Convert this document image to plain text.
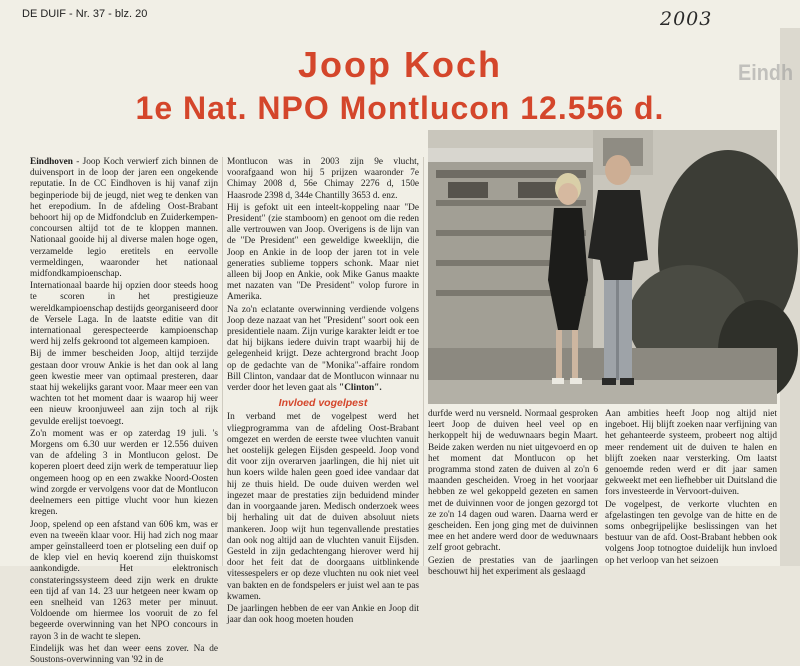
DE DUIF - Nr. 37 - blz. 20	2003
Eindh
Joop Koch
1e Nat. NPO Montlucon 12.556 d.

Eindhoven - Joop Koch verwierf zich binnen de duivensport in de loop der jaren een ongekende reputatie. In de CC Eindhoven is hij vanaf zijn beginperiode bij de jeugd, niet weg te denken van het erepodium. In de afdeling Oost-Brabant behoort hij op de Midfondclub en Zuiderkempen-concoursen altijd tot de te kloppen mannen. Nationaal gooide hij al diverse malen hoge ogen, verzamelde legio eretitels en eervolle vermeldingen, waaronder het nationaal midfondkampioenschap.

Internationaal baarde hij opzien door steeds hoog te scoren in het prestigieuze wereldkampioenschap destijds georganiseerd door de Versele Laga. In de laatste editie van dit internationaal gerespecteerde kampioenschap werd hij zelfs gekroond tot algemeen kampioen.

Bij de immer bescheiden Joop, altijd terzijde gestaan door vrouw Ankie is het dan ook al lang geen kwestie meer van optimaal presteren, daar staat hij wekelijks garant voor. Maar meer een van wachten tot het moment daar is waarop hij weer een nieuw kroonjuweel aan zijn toch al rijk gevulde erelijst toevoegt.

Zo'n moment was er op zaterdag 19 juli. 's Morgens om 6.30 uur werden er 12.556 duiven van de afdeling 3 in Montlucon gelost. De koperen ploert deed zijn werk de temperatuur liep ongemeen hoog op en een zwakke Noord-Oosten wind zorgde er vervolgens voor dat de Montlucon deelnemers een pittige vlucht voor hun kiezen kregen.

Joop, spelend op een afstand van 606 km, was er even na tweeën klaar voor. Hij had zich nog maar amper geïnstalleerd toen er plotseling een duif op de klep viel en heviq koerend zijn thuiskomst aankondigde. Het elektronisch constateringssysteem deed zijn werk en drukte een tijd af van 14. 23 uur hetgeen neer kwam op een snelheid van 1263 meter per minuut. Voldoende om hiermee los vooruit de zo fel begeerde overwinning van het NPO concours in rayon 3 in de wacht te slepen.

Eindelijk was het dan weer eens zover. Na de Soustons-overwinning van '92 in de

Montlucon was in 2003 zijn 9e vlucht, voorafgaand won hij 5 prijzen waaronder 7e Chimay 2008 d, 56e Chimay 2276 d, 150e Haasrode 2398 d, 344e Chantilly 3653 d. enz.

Hij is gefokt uit een inteelt-koppeling naar "De President" (zie stamboom) en genoot om die reden alle vertrouwen van Joop. Overigens is de lijn van de "De President" een geweldige kweeklijn, die Joop en Ankie in de loop der jaren tot in vele generaties sublieme toppers schonk. Maar niet alleen bij Joop en Ankie, ook Mike Ganus maakte met nazaten van "De President" volop furore in Amerika.

Na zo'n eclatante overwinning verdiende volgens Joop deze nazaat van het "President" soort ook een presidentiele naam. Zijn vurige karakter leidt er toe dat hij bijkans iedere duivin trapt waarbij hij de gelegenheid krijgt. Deze achtergrond bracht Joop op de gedachte van de "Monika"-affaire rondom Bill Clinton, vandaar dat de Montlucon winnaar nu verder door het leven gaat als "Clinton".

Invloed vogelpest

In verband met de vogelpest werd het vliegprogramma van de afdeling Oost-Brabant omgezet en werden de eerste twee vluchten vanuit het oostelijk gelegen Eijsden gespeeld. Joop vond dit voor zijn overarven jaarlingen, die hij niet uit hun koers wilde halen geen goed idee vandaar dat hij ze thuis hield. De oude duiven werden wel ingezet maar de prestaties zijn beduidend minder dan in voorgaande jaren. Medisch onderzoek wees bij herhaling uit dat de duiven absoluut niets mankeren. Joop wijt hun tegenvallende prestaties dan ook nog altijd aan de vluchten vanuit Eijsden. Gesteld in zijn gedachtengang hierover werd hij door het feit dat de doorgaans uitblinkende vitessespelers er op deze vluchten nu ook niet veel van bakten en de fondspelers er juist wel aan te pas kwamen.

De jaarlingen hebben de eer van Ankie en Joop dit jaar dan ook hoog moeten houden

durfde werd nu versneld. Normaal gesproken leert Joop de duiven heel veel op en herkoppelt hij de weduwnaars begin Maart. Beide zaken werden nu niet uitgevoerd en op het moment dat Montlucon op het programma stond zaten de duiven al zo'n 6 maanden gescheiden. Vroeg in het voorjaar hebben ze wel gekoppeld gezeten en samen met de duivinnen voor de jongen gezorgd tot ze zo'n 14 dagen oud waren. Daarna werd er gescheiden. Een jong ging met de duivinnen mee en het andere werd door de weduwnaars zelf groot gebracht.

Gezien de prestaties van de jaarlingen beschouwt hij het experiment als geslaagd

Aan ambities heeft Joop nog altijd niet ingeboet. Hij blijft zoeken naar verfijning van het gehanteerde systeem, probeert nog altijd meer rendement uit de duiven te halen en blijft zoeken naar versterking. Om laatst genoemde reden werd er dit jaar samen gekweekt met een liefhebber uit Duitsland die fors investeerde in Vervoort-duiven.

De vogelpest, de verkorte vluchten en afgelastingen ten gevolge van de hitte en de soms onbegrijpelijke beslissingen van het bestuur van de afd. Oost-Brabant hebben ook volgens Joop totnogtoe duidelijk hun invloed op het verloop van het seizoen
